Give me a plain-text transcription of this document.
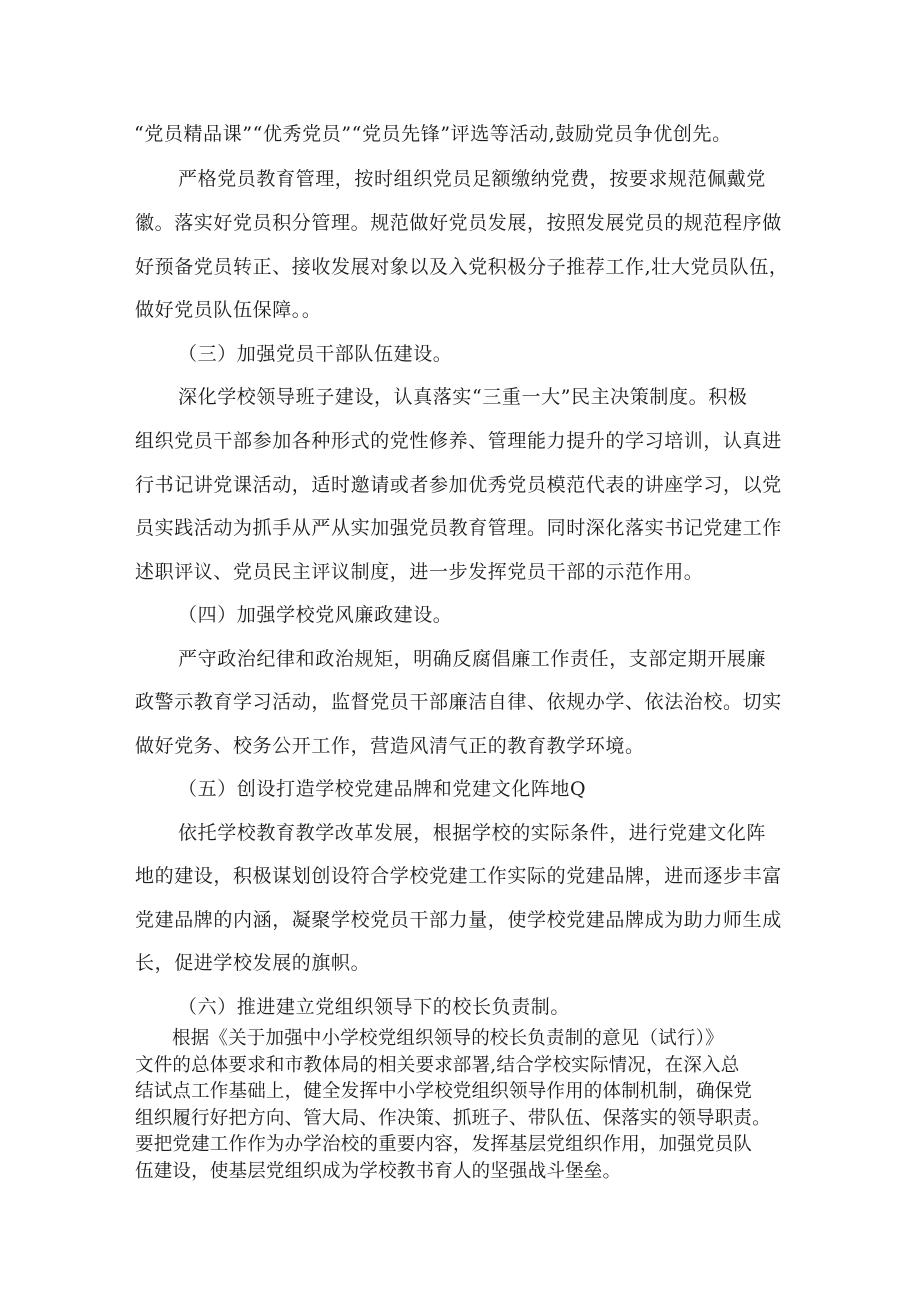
“党员精品课”“优秀党员”“党员先锋”评选等活动,鼓励党员争优创先。
严格党员教育管理，按时组织党员足额缴纳党费，按要求规范佩戴党
徽。落实好党员积分管理。规范做好党员发展，按照发展党员的规范程序做
好预备党员转正、接收发展对象以及入党积极分子推荐工作,壮大党员队伍，
做好党员队伍保障。。
（三）加强党员干部队伍建设。
深化学校领导班子建设，认真落实“三重一大”民主决策制度。积极
组织党员干部参加各种形式的党性修养、管理能力提升的学习培训，认真进
行书记讲党课活动，适时邀请或者参加优秀党员模范代表的讲座学习，以党
员实践活动为抓手从严从实加强党员教育管理。同时深化落实书记党建工作
述职评议、党员民主评议制度，进一步发挥党员干部的示范作用。
（四）加强学校党风廉政建设。
严守政治纪律和政治规矩，明确反腐倡廉工作责任，支部定期开展廉
政警示教育学习活动，监督党员干部廉洁自律、依规办学、依法治校。切实
做好党务、校务公开工作，营造风清气正的教育教学环境。
（五）创设打造学校党建品牌和党建文化阵地Q
依托学校教育教学改革发展，根据学校的实际条件，进行党建文化阵
地的建设，积极谋划创设符合学校党建工作实际的党建品牌，进而逐步丰富
党建品牌的内涵，凝聚学校党员干部力量，使学校党建品牌成为助力师生成
长，促进学校发展的旗帜。
（六）推进建立党组织领导下的校长负责制。
根据《关于加强中小学校党组织领导的校长负责制的意见（试行）》
文件的总体要求和市教体局的相关要求部署,结合学校实际情况，在深入总
结试点工作基础上，健全发挥中小学校党组织领导作用的体制机制，确保党
组织履行好把方向、管大局、作决策、抓班子、带队伍、保落实的领导职责。
要把党建工作作为办学治校的重要内容，发挥基层党组织作用，加强党员队
伍建设，使基层党组织成为学校教书育人的坚强战斗堡垒。
